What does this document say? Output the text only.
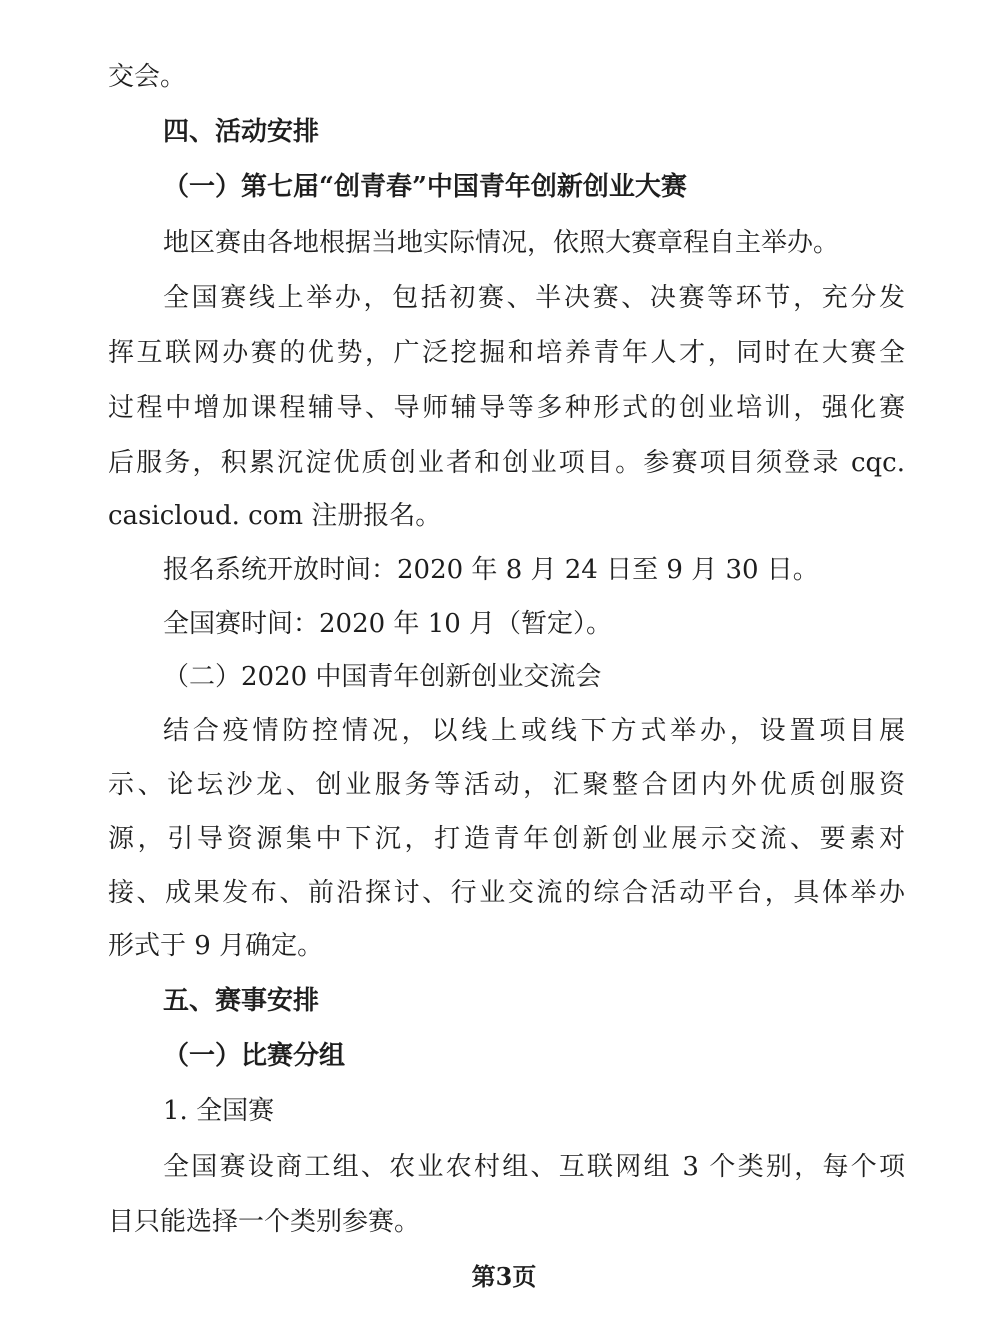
交会。
四、活动安排
（一）第七届“创青春”中国青年创新创业大赛
地区赛由各地根据当地实际情况，依照大赛章程自主举办。
全国赛线上举办，包括初赛、半决赛、决赛等环节，充分发
挥互联网办赛的优势，广泛挖掘和培养青年人才，同时在大赛全
过程中增加课程辅导、导师辅导等多种形式的创业培训，强化赛
后服务，积累沉淀优质创业者和创业项目。参赛项目须登录 cqc.
casicloud. com 注册报名。
报名系统开放时间：2020 年 8 月 24 日至 9 月 30 日。
全国赛时间：2020 年 10 月（暂定）。
（二）2020 中国青年创新创业交流会
结合疫情防控情况，以线上或线下方式举办，设置项目展
示、论坛沙龙、创业服务等活动，汇聚整合团内外优质创服资
源，引导资源集中下沉，打造青年创新创业展示交流、要素对
接、成果发布、前沿探讨、行业交流的综合活动平台，具体举办
形式于 9 月确定。
五、赛事安排
（一）比赛分组
1. 全国赛
全国赛设商工组、农业农村组、互联网组 3 个类别，每个项
目只能选择一个类别参赛。
第3页
